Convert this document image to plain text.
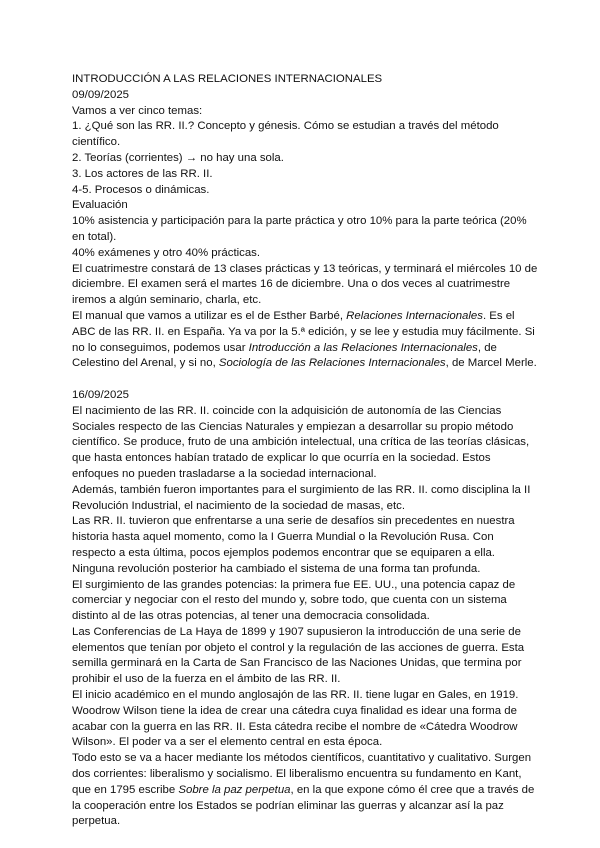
INTRODUCCIÓN A LAS RELACIONES INTERNACIONALES

09/09/2025

Vamos a ver cinco temas:

1. ¿Qué son las RR. II.? Concepto y génesis. Cómo se estudian a través del método científico.

2. Teorías (corrientes) → no hay una sola.

3. Los actores de las RR. II.

4-5. Procesos o dinámicas.

Evaluación

10% asistencia y participación para la parte práctica y otro 10% para la parte teórica (20% en total).

40% exámenes y otro 40% prácticas.

El cuatrimestre constará de 13 clases prácticas y 13 teóricas, y terminará el miércoles 10 de diciembre. El examen será el martes 16 de diciembre. Una o dos veces al cuatrimestre iremos a algún seminario, charla, etc.

El manual que vamos a utilizar es el de Esther Barbé, Relaciones Internacionales. Es el ABC de las RR. II. en España. Ya va por la 5.ª edición, y se lee y estudia muy fácilmente. Si no lo conseguimos, podemos usar Introducción a las Relaciones Internacionales, de Celestino del Arenal, y si no, Sociología de las Relaciones Internacionales, de Marcel Merle.

16/09/2025

El nacimiento de las RR. II. coincide con la adquisición de autonomía de las Ciencias Sociales respecto de las Ciencias Naturales y empiezan a desarrollar su propio método científico. Se produce, fruto de una ambición intelectual, una crítica de las teorías clásicas, que hasta entonces habían tratado de explicar lo que ocurría en la sociedad. Estos enfoques no pueden trasladarse a la sociedad internacional.

Además, también fueron importantes para el surgimiento de las RR. II. como disciplina la II Revolución Industrial, el nacimiento de la sociedad de masas, etc.

Las RR. II. tuvieron que enfrentarse a una serie de desafíos sin precedentes en nuestra historia hasta aquel momento, como la I Guerra Mundial o la Revolución Rusa. Con respecto a esta última, pocos ejemplos podemos encontrar que se equiparen a ella. Ninguna revolución posterior ha cambiado el sistema de una forma tan profunda.

El surgimiento de las grandes potencias: la primera fue EE. UU., una potencia capaz de comerciar y negociar con el resto del mundo y, sobre todo, que cuenta con un sistema distinto al de las otras potencias, al tener una democracia consolidada.

Las Conferencias de La Haya de 1899 y 1907 supusieron la introducción de una serie de elementos que tenían por objeto el control y la regulación de las acciones de guerra. Esta semilla germinará en la Carta de San Francisco de las Naciones Unidas, que termina por prohibir el uso de la fuerza en el ámbito de las RR. II.

El inicio académico en el mundo anglosajón de las RR. II. tiene lugar en Gales, en 1919. Woodrow Wilson tiene la idea de crear una cátedra cuya finalidad es idear una forma de acabar con la guerra en las RR. II. Esta cátedra recibe el nombre de «Cátedra Woodrow Wilson». El poder va a ser el elemento central en esta época.

Todo esto se va a hacer mediante los métodos científicos, cuantitativo y cualitativo. Surgen dos corrientes: liberalismo y socialismo. El liberalismo encuentra su fundamento en Kant, que en 1795 escribe Sobre la paz perpetua, en la que expone cómo él cree que a través de la cooperación entre los Estados se podrían eliminar las guerras y alcanzar así la paz perpetua.
